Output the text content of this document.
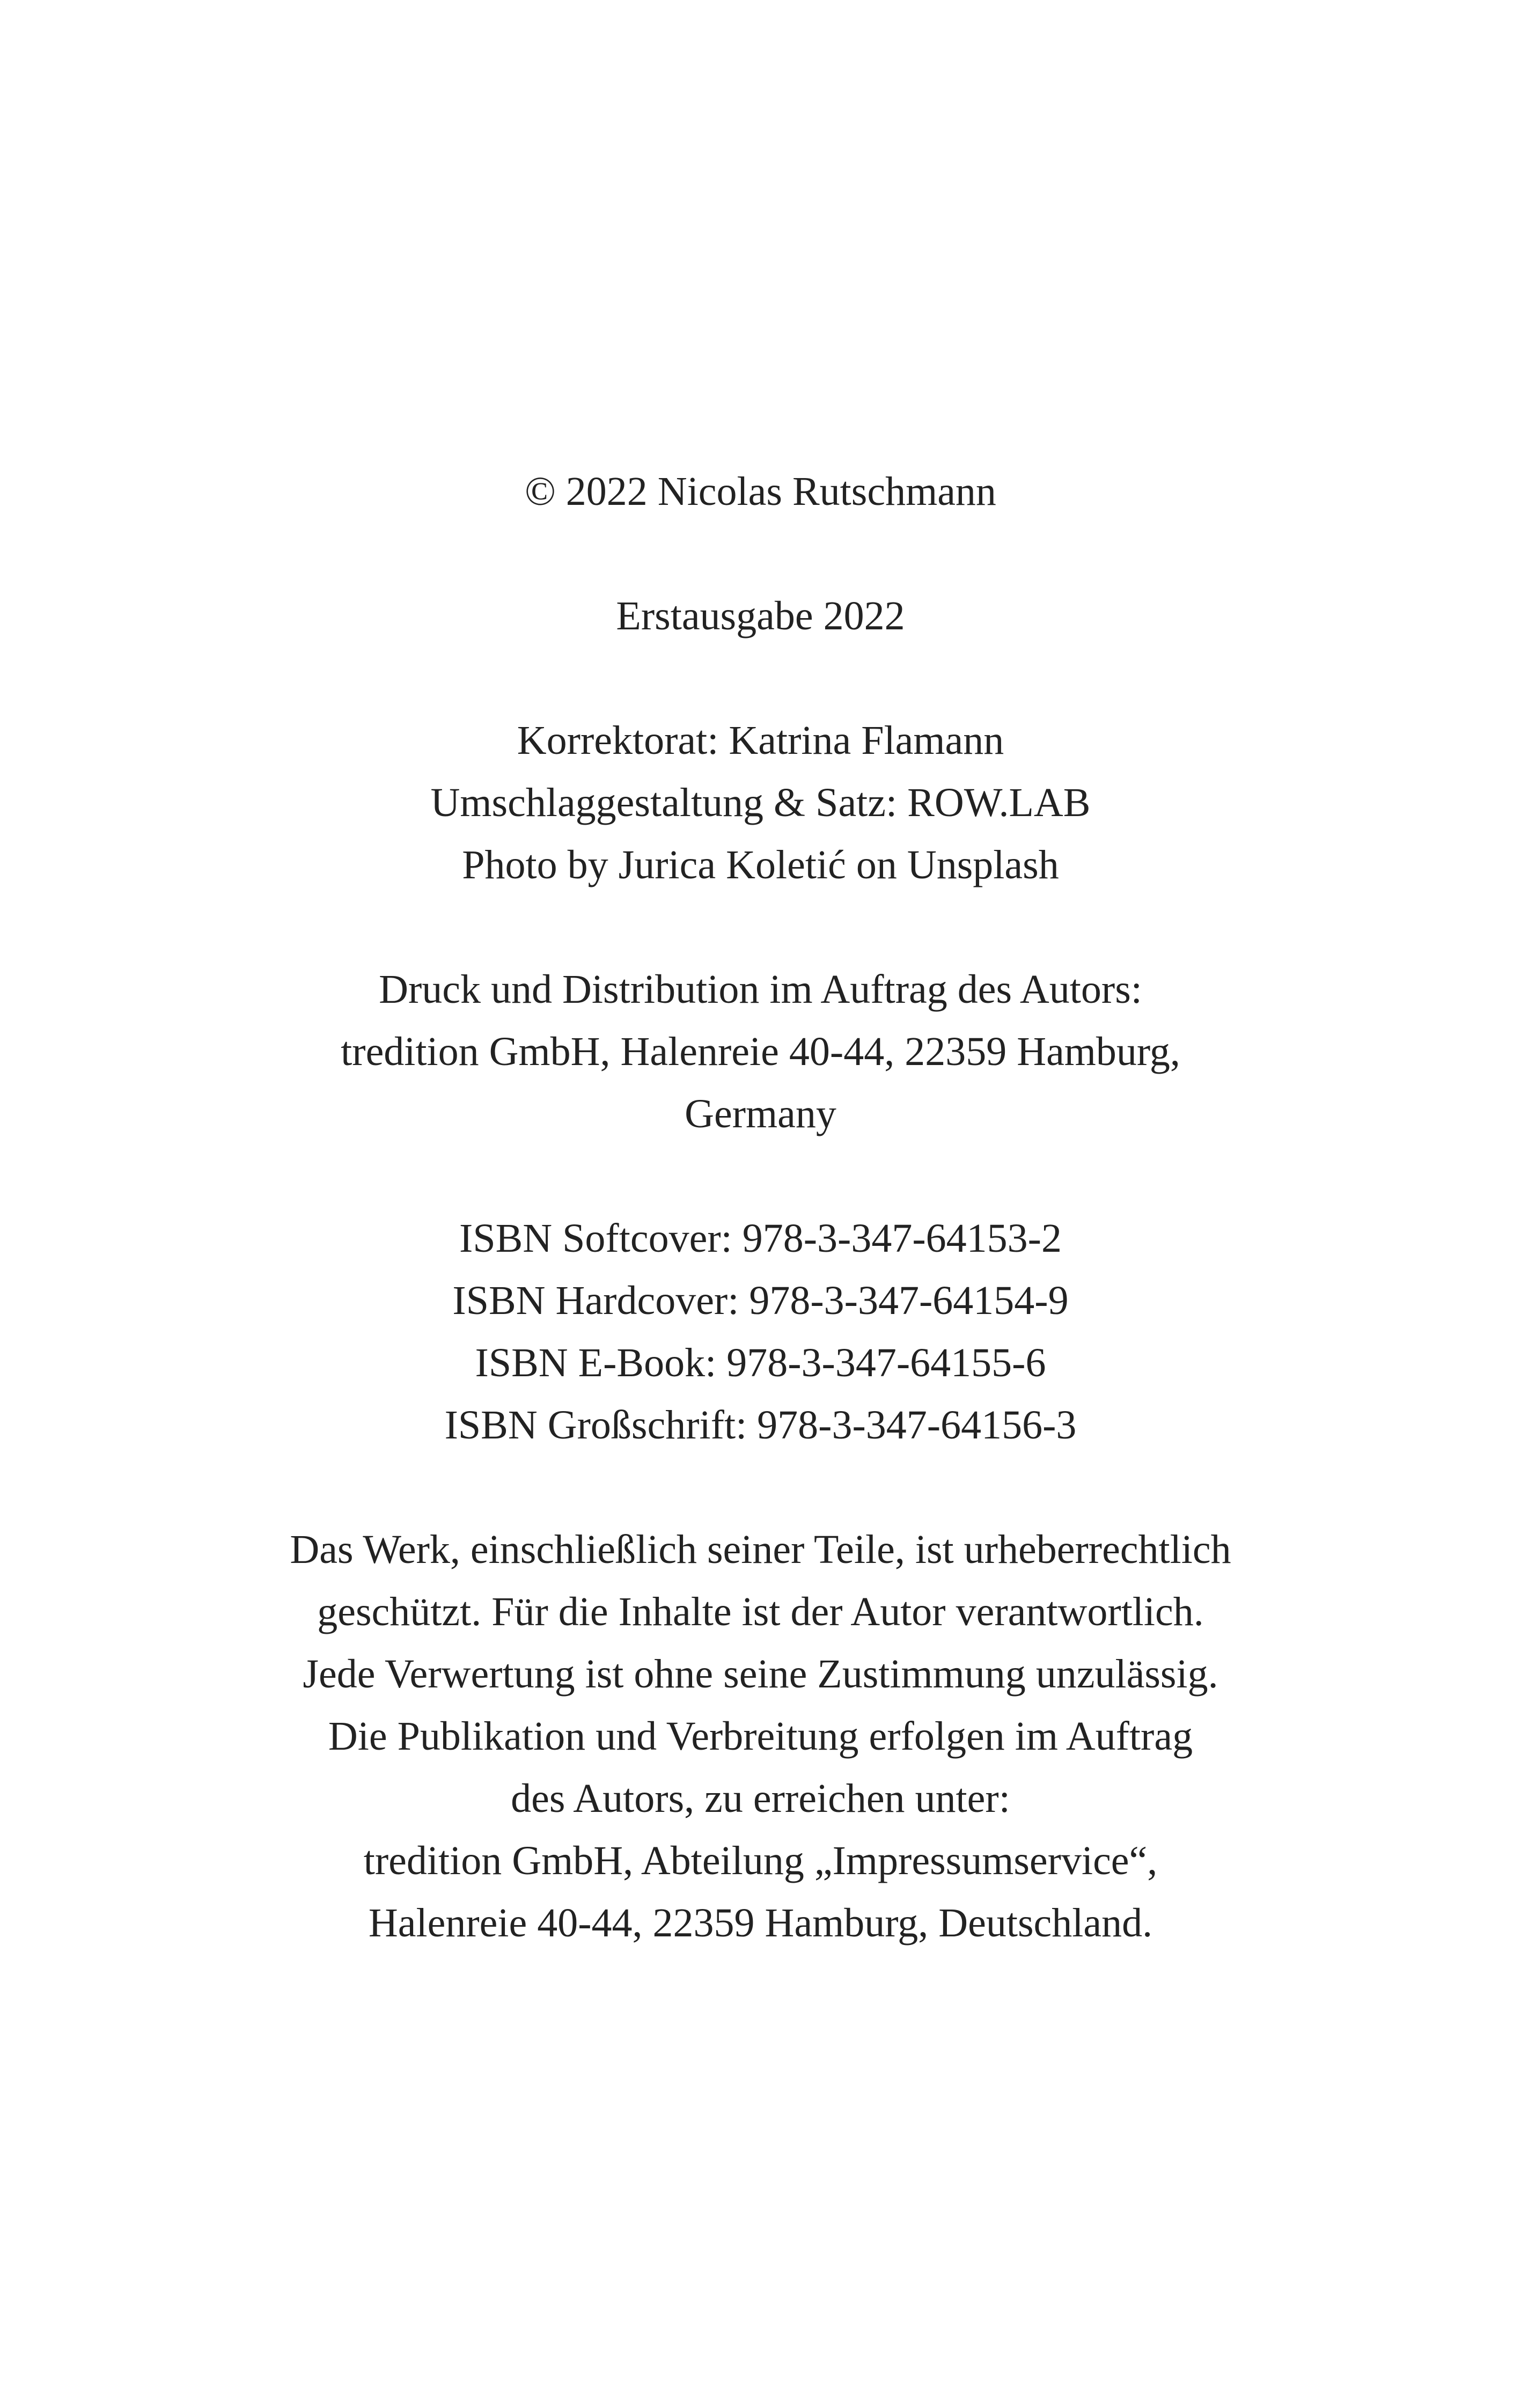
© 2022 Nicolas Rutschmann

Erstausgabe 2022

Korrektorat: Katrina Flamann
Umschlaggestaltung & Satz: ROW.LAB
Photo by Jurica Koletić on Unsplash

Druck und Distribution im Auftrag des Autors:
tredition GmbH, Halenreie 40-44, 22359 Hamburg,
Germany

ISBN Softcover: 978-3-347-64153-2
ISBN Hardcover: 978-3-347-64154-9
ISBN E-Book: 978-3-347-64155-6
ISBN Großschrift: 978-3-347-64156-3

Das Werk, einschließlich seiner Teile, ist urheberrechtlich
geschützt. Für die Inhalte ist der Autor verantwortlich.
Jede Verwertung ist ohne seine Zustimmung unzulässig.
Die Publikation und Verbreitung erfolgen im Auftrag
des Autors, zu erreichen unter:
tredition GmbH, Abteilung „Impressumservice“,
Halenreie 40-44, 22359 Hamburg, Deutschland.
